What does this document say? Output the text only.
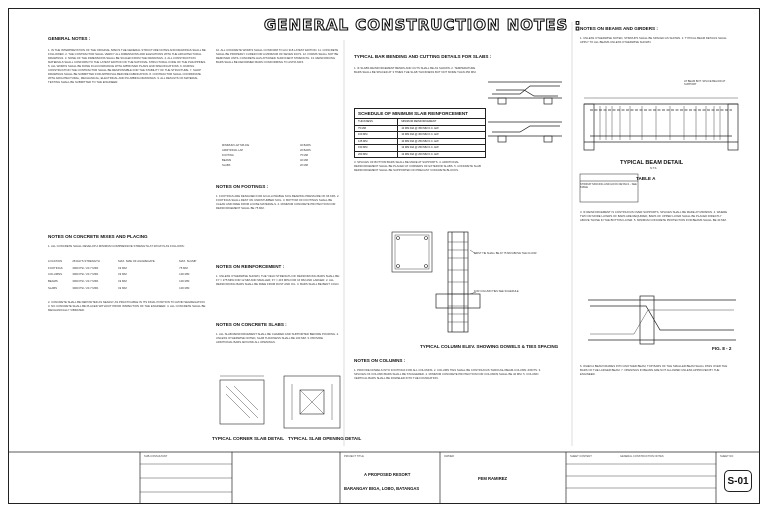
GENERAL CONSTRUCTION NOTES :
GENERAL NOTES :
1. IN THE INTERPRETATION OF THE ORIGINAL SPECS THE GENERAL STRUCTURE NOTES AND DRAWINGS SHALL BE FOLLOWED. 2. THE CONTRACTOR SHALL VERIFY ALL DIMENSIONS AND ELEVATIONS WITH THE ARCHITECTURAL DRAWINGS. 3. NONE OF THE DIMENSIONS SHALL BE SCALED FROM THE DRAWINGS. 4. ALL CONSTRUCTION MATERIALS SHALL CONFORM TO THE LATEST EDITION OF THE NATIONAL STRUCTURAL CODE OF THE PHILIPPINES. 5. ALL WORKS SHALL BE DONE IN ACCORDANCE WITH APPROVED PLANS AND SPECIFICATIONS. 6. DURING CONSTRUCTION THE CONTRACTOR SHALL BE RESPONSIBLE FOR THE STABILITY OF THE STRUCTURE. 7. SHOP DRAWINGS SHALL BE SUBMITTED FOR APPROVAL BEFORE FABRICATION. 8. CONTRACTOR SHALL COORDINATE WITH ARCHITECTURAL, MECHANICAL, ELECTRICAL AND PLUMBING DRAWINGS. 9. ALL RESULTS OF MATERIAL TESTING SHALL BE SUBMITTED TO THE ENGINEER.
NOTES ON CONCRETE MIXES AND PLACING
1. ALL CONCRETE SHALL DEVELOP A MINIMUM COMPRESSIVE STRENGTH AT 28 DAYS AS FOLLOWS:
LOCATION	28 DAYS STRENGTH	MAX. SIZE OF AGGREGATE	MAX. SLUMP
FOOTINGS	3000 PSI / 20.7 MPA	19 MM	75 MM
COLUMNS	3000 PSI / 20.7 MPA	19 MM	100 MM
BEAMS	3000 PSI / 20.7 MPA	19 MM	100 MM
SLABS	3000 PSI / 20.7 MPA	19 MM	100 MM
2. CONCRETE SHALL BE DEPOSITED AS NEARLY AS PRACTICABLE IN ITS FINAL POSITION TO AVOID SEGREGATION. 3. NO CONCRETE SHALL BE PLACED WITHOUT PRIOR INSPECTION OF THE ENGINEER. 4. ALL CONCRETE SHALL BE MECHANICALLY VIBRATED.
10. ALL CONCRETE WORKS SHALL CONFORM TO ACI 318 LATEST EDITION. 11. CONCRETE SHALL BE PROPERLY CURED FOR A MINIMUM OF SEVEN DAYS. 12. FORMS SHALL NOT BE REMOVED UNTIL CONCRETE HAS ATTAINED SUFFICIENT STRENGTH. 13. REINFORCING BARS SHALL BE DEFORMED BARS CONFORMING TO ASTM A615.
MINIMUM LAP SPLICE	40 BARS
ADDITIONAL LAP	20 BARS
FOOTING	75 MM
BEAMS	40 MM
SLABS	20 MM
NOTES ON FOOTINGS :
1. FOOTINGS ARE DESIGNED FOR AN ALLOWABLE SOIL BEARING PRESSURE OF 96 KPA. 2. FOOTINGS SHALL REST ON UNDISTURBED SOIL. 3. BOTTOM OF FOOTINGS SHALL BE CLEAN AND FREE FROM LOOSE MATERIALS. 4. MINIMUM CONCRETE PROTECTION FOR REINFORCEMENT SHALL BE 75 MM.
NOTES ON REINFORCEMENT :
1. UNLESS OTHERWISE SHOWN, THE YIELD STRENGTH OF REINFORCING BARS SHALL BE: FY = 275 MPA FOR 12 MM AND SMALLER; FY = 415 MPA FOR 16 MM AND LARGER. 2. ALL REINFORCING BARS SHALL BE FREE FROM RUST AND OIL. 3. BARS SHALL BE BENT COLD.
NOTES ON CONCRETE SLABS :
1. ALL SLAB REINFORCEMENT SHALL BE CHAIRED AND SUPPORTED BEFORE POURING. 2. UNLESS OTHERWISE NOTED, SLAB THICKNESS SHALL BE 100 MM. 3. PROVIDE ADDITIONAL BARS AROUND ALL OPENINGS.
TYPICAL CORNER SLAB DETAIL TYPICAL SLAB OPENING DETAIL
TYPICAL BAR BENDING AND CUTTING DETAILS FOR SLABS :
1. IF SLABS REINFORCEMENT BENDS AND CUTS SHALL BE AS SHOWN. 2. TEMPERATURE BARS SHALL BE SPACED AT 3 TIMES THE SLAB THICKNESS BUT NOT MORE THAN 450 MM.
SCHEDULE OF MINIMUM SLAB REINFORCEMENT	
THICKNESS	MINIMUM REINFORCEMENT
75 MM	10 MM DIA @ 350 MM O.C. EW
100 MM	10 MM DIA @ 300 MM O.C. EW
125 MM	10 MM DIA @ 250 MM O.C. EW
150 MM	12 MM DIA @ 250 MM O.C. EW
200 MM	12 MM DIA @ 200 MM O.C. EW
3. SPLICES OF BOTTOM BARS SHALL BE MADE AT SUPPORTS. 4. ADDITIONAL REINFORCEMENT SHALL BE PLACED AT CORNERS OF EXTERIOR SLABS. 5. CONCRETE SLAB REINFORCEMENT SHALL BE SUPPORTED ON PRECAST CONCRETE BLOCKS.
FIRST TIE SHALL BE AT 75 MM ABOVE THE FLOOR
FOR COLUMN TIES SEE SCHEDULE
TYPICAL COLUMN ELEV. SHOWING DOWELS & TIES SPACING
NOTES ON COLUMNS :
1. PROVIDE DOWELS INTO FOOTINGS FOR ALL COLUMNS. 2. COLUMN TIES SHALL BE CONTINUOUS THROUGH BEAM-COLUMN JOINTS. 3. SPLICES OF COLUMN BARS SHALL BE STAGGERED. 4. MINIMUM CONCRETE PROTECTION FOR COLUMNS SHALL BE 40 MM. 5. COLUMN VERTICAL BARS SHALL BE DOWELED INTO THE FOUNDATION.
NOTES ON BEAMS AND GIRDERS :
1. UNLESS OTHERWISE NOTED, STIRRUPS SHALL BE SPACED AS SHOWN. 2. TYPICAL BEAM DETAILS SHALL APPLY TO ALL BEAMS UNLESS OTHERWISE SHOWN.
AT BEAM BOT. SPLICE BELOW AT SUPPORT
TYPICAL BEAM DETAIL
N.T.S.
TABLE A
STIRRUP SPACING AND HOOK DETAILS - SEE TABLE
3. IF REINFORCEMENT IS CONTINUOUS OVER SUPPORTS, SPLICES SHALL BE MADE AT MIDSPAN. 4. WHERE TWO OR MORE LAYERS OF BARS ARE REQUIRED, BARS OF UPPER LAYER SHALL BE PLACED DIRECTLY ABOVE THOSE IN THE BOTTOM LAYER. 5. MINIMUM CONCRETE PROTECTION FOR BEAMS SHALL BE 40 MM.
FIG. 8 - 2
6. WHEN A BEAM FRAMES INTO ANOTHER BEAM, TOP BARS OF THE SMALLER BEAM SHALL PASS OVER THE BARS OF THE LARGER BEAM. 7. OPENINGS IN BEAMS ARE NOT ALLOWED UNLESS APPROVED BY THE ENGINEER.
SUB-CONSULTANT	PROJECT TITLE
A PROPOSED RESORT
BARANGAY BIGA, LOBO, BATANGAS
OWNER
FEM RAMIREZ
SHEET CONTENT	GENERAL CONSTRUCTION NOTES	SHEET NO.
S-01
